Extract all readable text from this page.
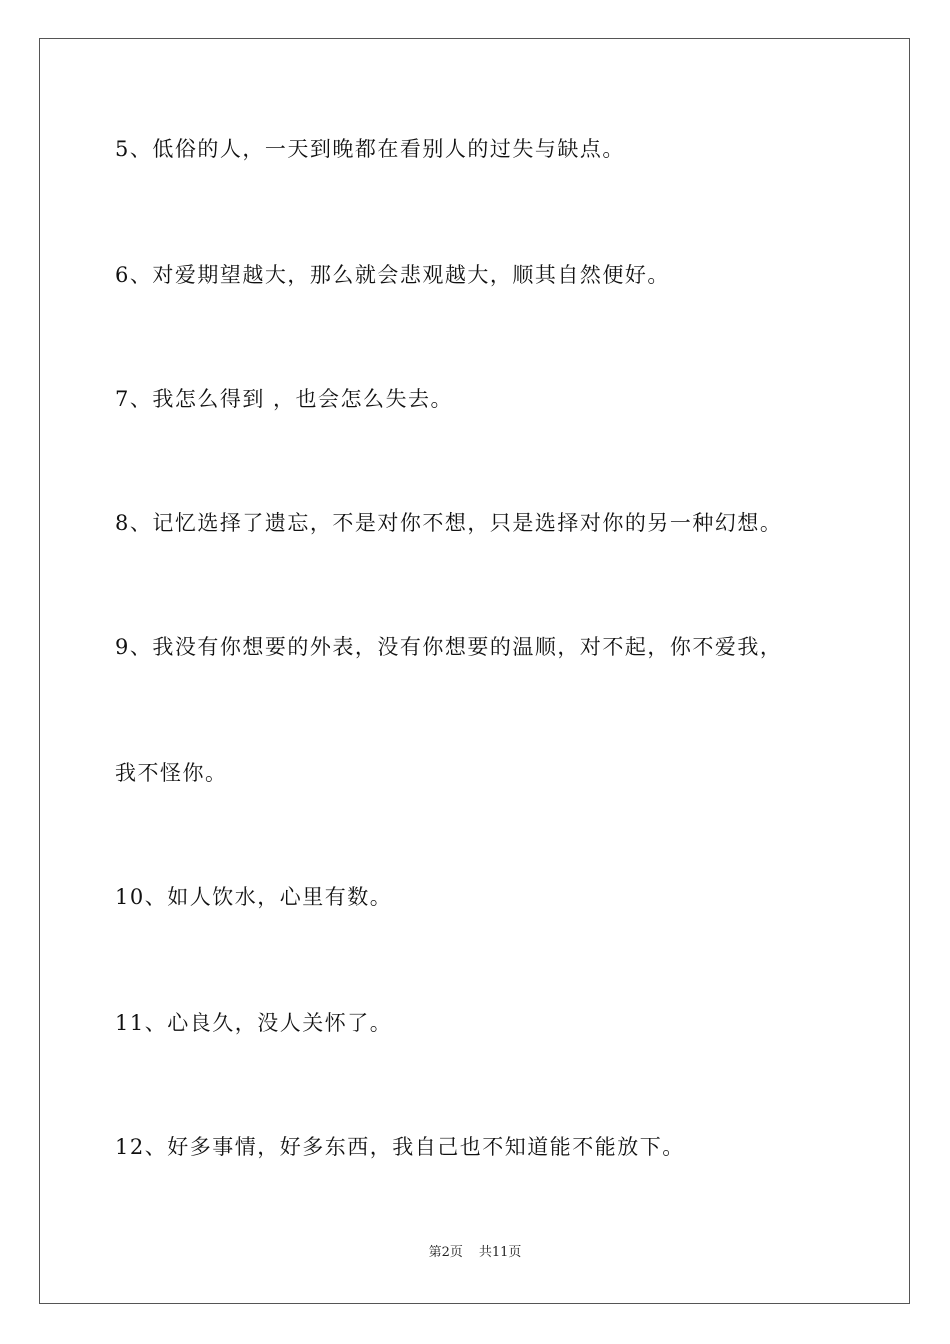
5、低俗的人，一天到晚都在看别人的过失与缺点。

6、对爱期望越大，那么就会悲观越大，顺其自然便好。

7、我怎么得到 ，也会怎么失去。

8、记忆选择了遗忘，不是对你不想，只是选择对你的另一种幻想。

9、我没有你想要的外表，没有你想要的温顺，对不起，你不爱我，

我不怪你。

10、如人饮水，心里有数。

11、心良久，没人关怀了。

12、好多事情，好多东西，我自己也不知道能不能放下。

第2页 共11页
